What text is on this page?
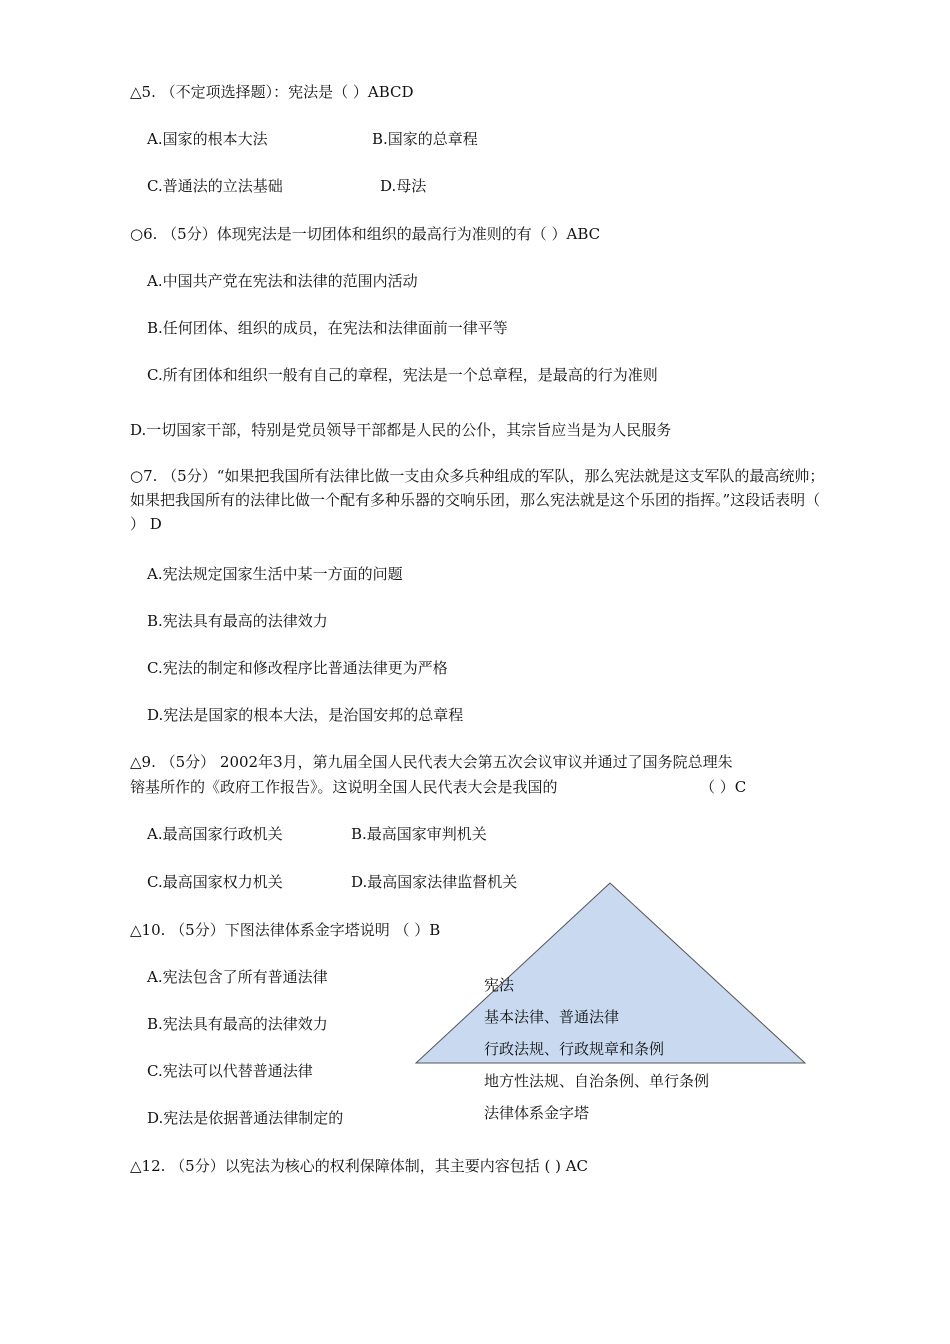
△5. （不定项选择题）：宪法是（ ）ABCD
A.国家的根本大法	B.国家的总章程
C.普通法的立法基础	D.母法
○6. （5分）体现宪法是一切团体和组织的最高行为准则的有（ ）ABC
A.中国共产党在宪法和法律的范围内活动
B.任何团体、组织的成员，在宪法和法律面前一律平等
C.所有团体和组织一般有自己的章程，宪法是一个总章程，是最高的行为准则
D.一切国家干部，特别是党员领导干部都是人民的公仆，其宗旨应当是为人民服务
○7. （5分）“如果把我国所有法律比做一支由众多兵种组成的军队，那么宪法就是这支军队的最高统帅；如果把我国所有的法律比做一个配有多种乐器的交响乐团，那么宪法就是这个乐团的指挥。”这段话表明（ ） D
A.宪法规定国家生活中某一方面的问题
B.宪法具有最高的法律效力
C.宪法的制定和修改程序比普通法律更为严格
D.宪法是国家的根本大法，是治国安邦的总章程
△9. （5分） 2002年3月，第九届全国人民代表大会第五次会议审议并通过了国务院总理朱
镕基所作的《政府工作报告》。这说明全国人民代表大会是我国的	（ ）C
A.最高国家行政机关	B.最高国家审判机关
C.最高国家权力机关	D.最高国家法律监督机关
宪法
基本法律、普通法律
行政法规、行政规章和条例
地方性法规、自治条例、单行条例
法律体系金字塔
△10. （5分）下图法律体系金字塔说明 （ ）B
A.宪法包含了所有普通法律
B.宪法具有最高的法律效力
C.宪法可以代替普通法律
D.宪法是依据普通法律制定的
△12. （5分）以宪法为核心的权利保障体制，其主要内容包括 ( ) AC
